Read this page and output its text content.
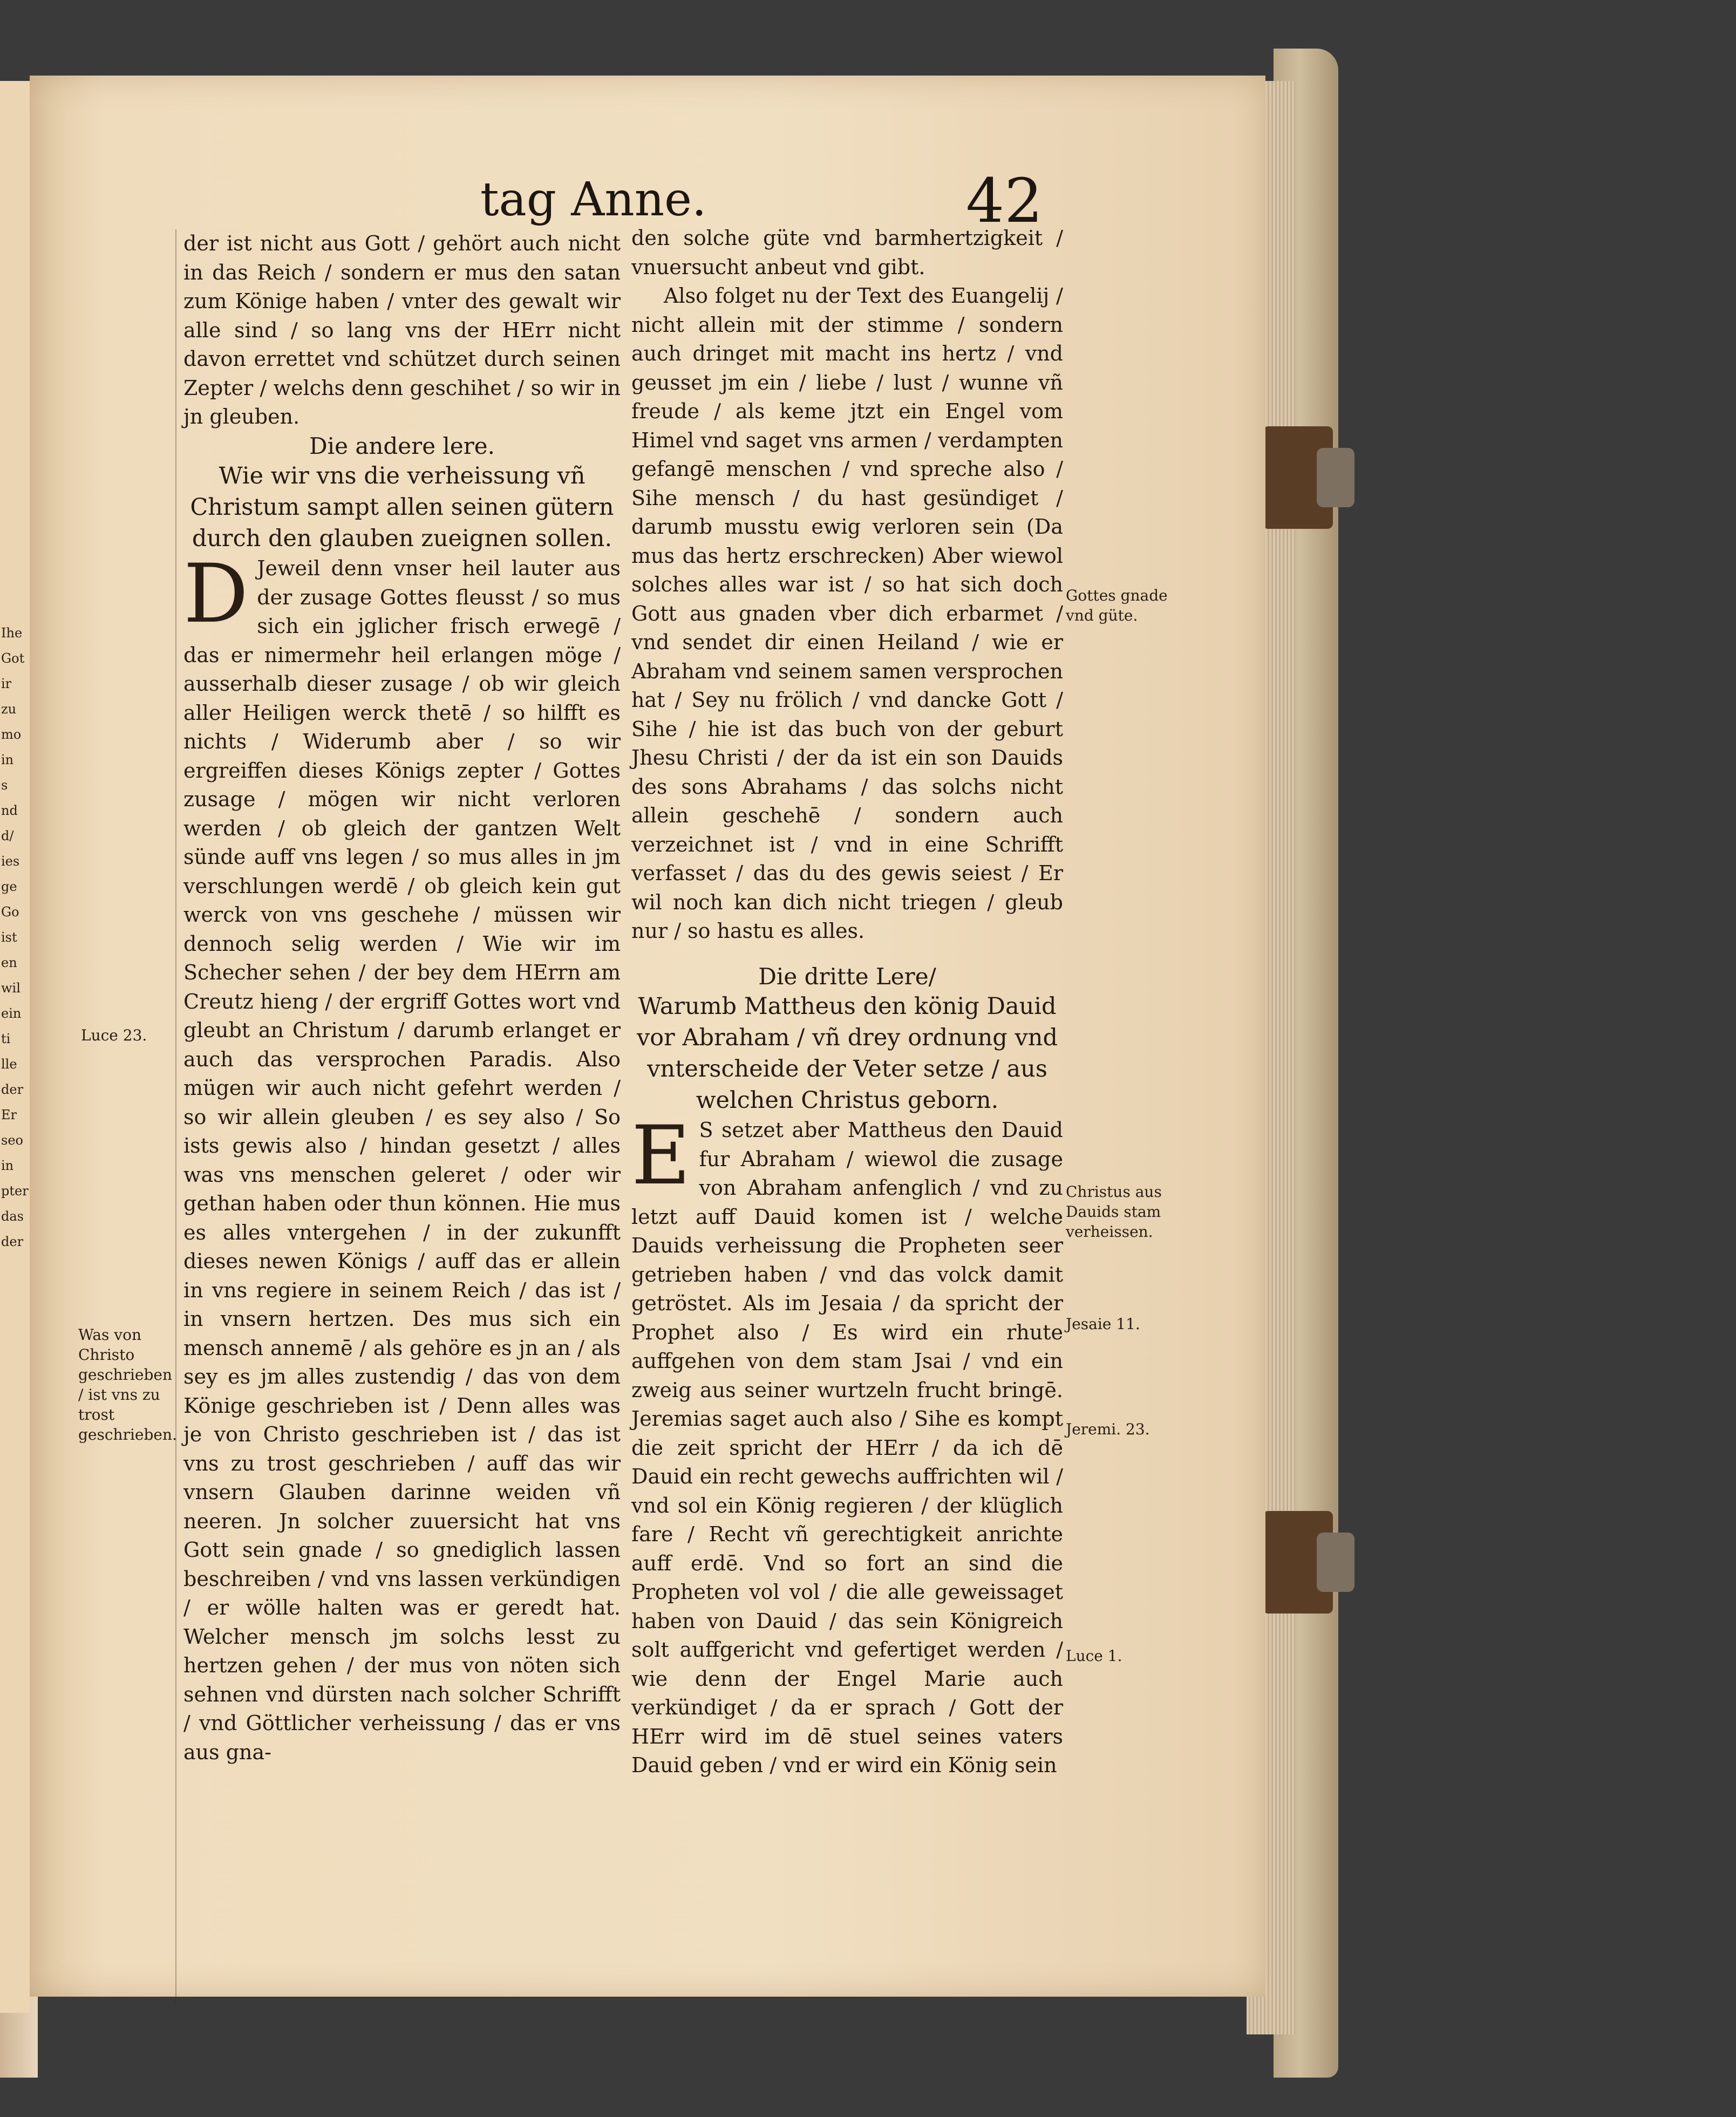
Ihe
Got
ir
zu
mo
in
s
nd
d/
ies
ge
Go
ist
en
wil
ein
ti
lle
der
Er
seo
in
pter
das
der
tag Anne.	42

der ist nicht aus Gott / gehört auch nicht in das Reich / sondern er mus den satan zum Könige haben / vnter des gewalt wir alle sind / so lang vns der HErr nicht davon errettet vnd schützet durch seinen Zepter / welchs denn geschihet / so wir in jn gleuben.

Die andere lere.

Wie wir vns die verheissung vñ Christum sampt allen seinen gütern durch den glauben zueignen sollen.

D Jeweil denn vnser heil lauter aus der zusage Gottes fleusst / so mus sich ein jglicher frisch erwegē / das er nimermehr heil erlangen möge / ausserhalb dieser zusage / ob wir gleich aller Heiligen werck thetē / so hilfft es nichts / Widerumb aber / so wir ergreiffen dieses Königs zepter / Gottes zusage / mögen wir nicht verloren werden / ob gleich der gantzen Welt sünde auff vns legen / so mus alles in jm verschlungen werdē / ob gleich kein gut werck von vns geschehe / müssen wir dennoch selig werden / Wie wir im Schecher sehen / der bey dem HErrn am Creutz hieng / der ergriff Gottes wort vnd gleubt an Christum / darumb erlanget er auch das versprochen Paradis. Also mügen wir auch nicht gefehrt werden / so wir allein gleuben / es sey also / So ists gewis also / hindan gesetzt / alles was vns menschen geleret / oder wir gethan haben oder thun können. Hie mus es alles vntergehen / in der zukunfft dieses newen Königs / auff das er allein in vns regiere in seinem Reich / das ist / in vnsern hertzen. Des mus sich ein mensch annemē / als gehöre es jn an / als sey es jm alles zustendig / das von dem Könige geschrieben ist / Denn alles was je von Christo geschrieben ist / das ist vns zu trost geschrieben / auff das wir vnsern Glauben darinne weiden vñ neeren. Jn solcher zuuersicht hat vns Gott sein gnade / so gnediglich lassen beschreiben / vnd vns lassen verkündigen / er wölle halten was er geredt hat. Welcher mensch jm solchs lesst zu hertzen gehen / der mus von nöten sich sehnen vnd dürsten nach solcher Schrifft / vnd Göttlicher verheissung / das er vns aus gna-

den solche güte vnd barmhertzigkeit / vnuersucht anbeut vnd gibt.

Also folget nu der Text des Euangelij / nicht allein mit der stimme / sondern auch dringet mit macht ins hertz / vnd geusset jm ein / liebe / lust / wunne vñ freude / als keme jtzt ein Engel vom Himel vnd saget vns armen / verdampten gefangē menschen / vnd spreche also / Sihe mensch / du hast gesündiget / darumb musstu ewig verloren sein (Da mus das hertz erschrecken) Aber wiewol solches alles war ist / so hat sich doch Gott aus gnaden vber dich erbarmet / vnd sendet dir einen Heiland / wie er Abraham vnd seinem samen versprochen hat / Sey nu frölich / vnd dancke Gott / Sihe / hie ist das buch von der geburt Jhesu Christi / der da ist ein son Dauids des sons Abrahams / das solchs nicht allein geschehē / sondern auch verzeichnet ist / vnd in eine Schrifft verfasset / das du des gewis seiest / Er wil noch kan dich nicht triegen / gleub nur / so hastu es alles.

Die dritte Lere/

Warumb Mattheus den könig Dauid vor Abraham / vñ drey ordnung vnd vnterscheide der Veter setze / aus welchen Christus geborn.

E S setzet aber Mattheus den Dauid fur Abraham / wiewol die zusage von Abraham anfenglich / vnd zu letzt auff Dauid komen ist / welche Dauids verheissung die Propheten seer getrieben haben / vnd das volck damit getröstet. Als im Jesaia / da spricht der Prophet also / Es wird ein rhute auffgehen von dem stam Jsai / vnd ein zweig aus seiner wurtzeln frucht bringē. Jeremias saget auch also / Sihe es kompt die zeit spricht der HErr / da ich dē Dauid ein recht gewechs auffrichten wil / vnd sol ein König regieren / der klüglich fare / Recht vñ gerechtigkeit anrichte auff erdē. Vnd so fort an sind die Propheten vol vol / die alle geweissaget haben von Dauid / das sein Königreich solt auffgericht vnd gefertiget werden / wie denn der Engel Marie auch verkündiget / da er sprach / Gott der HErr wird im dē stuel seines vaters Dauid geben / vnd er wird ein König sein

Luce 23.
Was von Christo geschrieben / ist vns zu trost geschrieben.
Gottes gnade vnd güte.
Christus aus Dauids stam verheissen.
Jesaie 11.
Jeremi. 23.
Luce 1.
